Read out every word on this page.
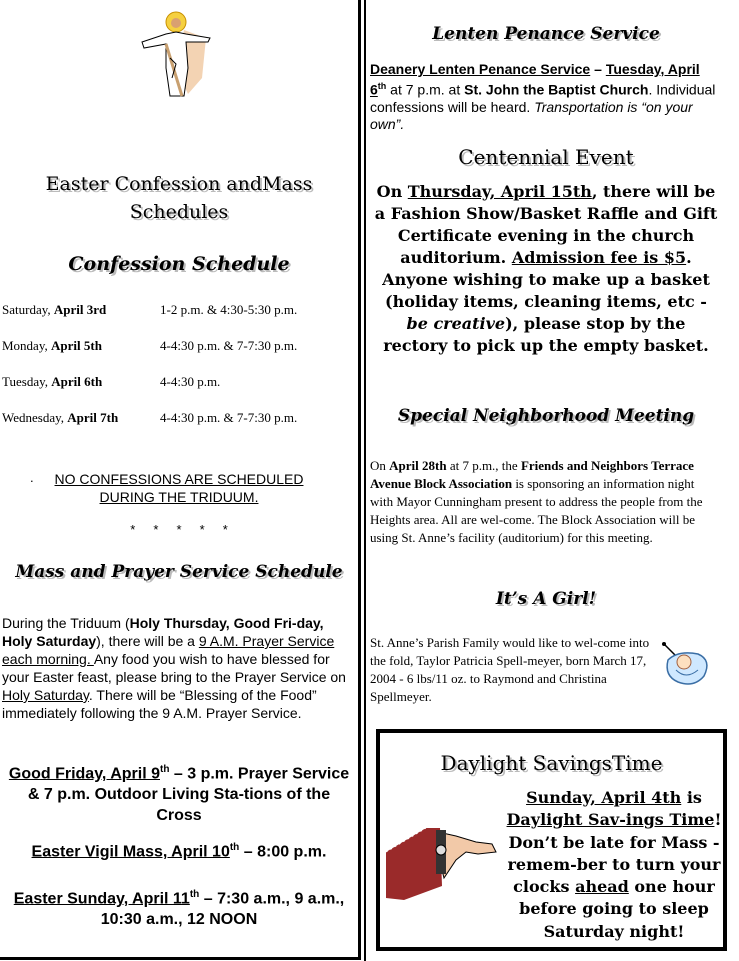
Easter Confession andMass
Schedules
Confession Schedule
Saturday, April 3rd	1-2 p.m. & 4:30-5:30 p.m.
Monday, April 5th	4-4:30 p.m. & 7-7:30 p.m.
Tuesday, April 6th	4-4:30 p.m.
Wednesday, April 7th	4-4:30 p.m. & 7-7:30 p.m.
.	NO CONFESSIONS ARE SCHEDULED
DURING THE TRIDUUM.
*     *     *     *     *
Mass and Prayer Service Schedule
During the Triduum (Holy Thursday, Good Fri-day, Holy Saturday), there will be a 9 A.M. Prayer Service each morning. Any food you wish to have blessed for your Easter feast, please bring to the Prayer Service on Holy Saturday. There will be “Blessing of the Food” immediately following the 9 A.M. Prayer Service.
Good Friday, April 9th – 3 p.m. Prayer Service & 7 p.m. Outdoor Living Sta-tions of the Cross
Easter Vigil Mass, April 10th – 8:00 p.m.
Easter Sunday, April 11th – 7:30 a.m., 9 a.m., 10:30 a.m., 12 NOON
Lenten Penance Service
Deanery Lenten Penance Service – Tuesday, April 6th at 7 p.m. at St. John the Baptist Church. Individual confessions will be heard. Transportation is “on your own”.
Centennial Event
On Thursday, April 15th, there will be a Fashion Show/Basket Raffle and Gift Certificate evening in the church auditorium. Admission fee is $5. Anyone wishing to make up a basket (holiday items, cleaning items, etc - be creative), please stop by the rectory to pick up the empty basket.
Special Neighborhood Meeting
On April 28th at 7 p.m., the Friends and Neighbors Terrace Avenue Block Association is sponsoring an information night with Mayor Cunningham present to address the people from the Heights area. All are wel-come. The Block Association will be using St. Anne’s facility (auditorium) for this meeting.
It’s A Girl!
St. Anne’s Parish Family would like to wel-come into the fold, Taylor Patricia Spell-meyer, born March 17, 2004 - 6 lbs/11 oz. to Raymond and Christina Spellmeyer.
Daylight SavingsTime
Sunday, April 4th is Daylight Sav-ings Time! Don’t be late for Mass - remem-ber to turn your clocks ahead one hour before going to sleep Saturday night!
